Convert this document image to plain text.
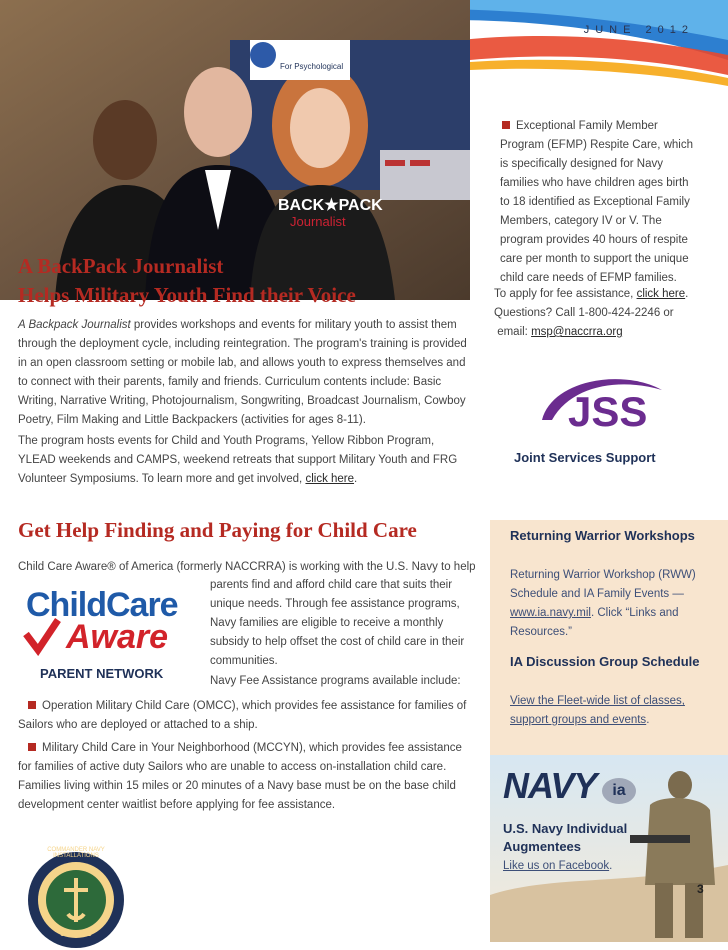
JUNE 2012
BACK★PACK
Journalist
For Psychological
A BackPack Journalist
Helps Military Youth Find their Voice
A Backpack Journalist provides workshops and events for military youth to assist them through the deployment cycle, including reintegration. The program's training is provided in an open classroom setting or mobile lab, and allows youth to express themselves and to connect with their parents, family and friends. Curriculum contents include: Basic Writing, Narrative Writing, Photojournalism, Songwriting, Broadcast Journalism, Cowboy Poetry, Film Making and Little Backpackers (activities for ages 8-11).
The program hosts events for Child and Youth Programs, Yellow Ribbon Program, YLEAD weekends and CAMPS, weekend retreats that support Military Youth and FRG Volunteer Symposiums. To learn more and get involved, click here.
Get Help Finding and Paying for Child Care
Child Care Aware® of America (formerly NACCRRA) is working with the U.S. Navy to help
parents find and afford child care that suits their unique needs. Through fee assistance programs, Navy families are eligible to receive a monthly subsidy to help offset the cost of child care in their communities.
Navy Fee Assistance programs available include:
ChildCare
Aware
PARENT NETWORK
Operation Military Child Care (OMCC), which provides fee assistance for families of Sailors who are deployed or attached to a ship.
Military Child Care in Your Neighborhood (MCCYN), which provides fee assistance for families of active duty Sailors who are unable to access on-installation child care. Families living within 15 miles or 20 minutes of a Navy base must be on the base child development center waitlist before applying for fee assistance.
Exceptional Family Member Program (EFMP) Respite Care, which is specifically designed for Navy families who have children ages birth to 18 identified as Exceptional Family Members, category IV or V. The program provides 40 hours of respite care per month to support the unique child care needs of EFMP families.
To apply for fee assistance, click here.
Questions? Call 1-800-424-2246 or
email: msp@naccrra.org
JSS
Joint Services Support
Returning Warrior Workshops
Returning Warrior Workshop (RWW) Schedule and IA Family Events — www.ia.navy.mil. Click “Links and Resources.”
IA Discussion Group Schedule
View the Fleet-wide list of classes, support groups and events.
NAVY ia
U.S. Navy Individual Augmentees
Like us on Facebook.
3
COMMANDER NAVY INSTALLATIONS
COMMAND
